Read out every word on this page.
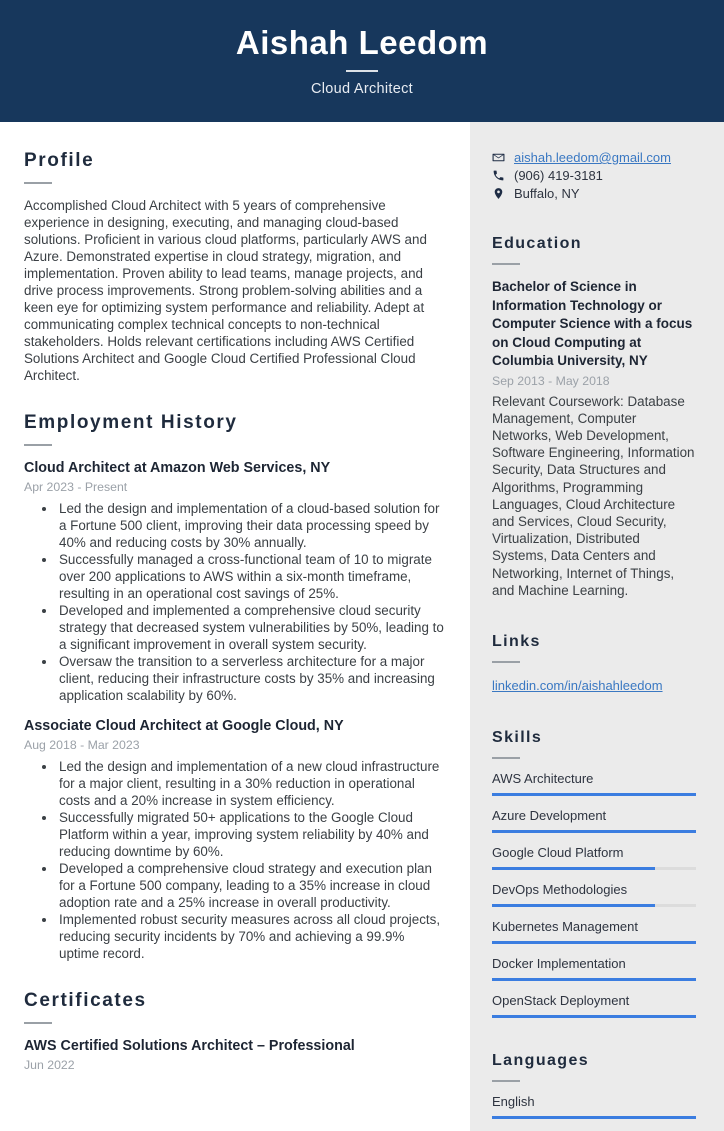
Aishah Leedom
Cloud Architect
Profile
Accomplished Cloud Architect with 5 years of comprehensive experience in designing, executing, and managing cloud-based solutions. Proficient in various cloud platforms, particularly AWS and Azure. Demonstrated expertise in cloud strategy, migration, and implementation. Proven ability to lead teams, manage projects, and drive process improvements. Strong problem-solving abilities and a keen eye for optimizing system performance and reliability. Adept at communicating complex technical concepts to non-technical stakeholders. Holds relevant certifications including AWS Certified Solutions Architect and Google Cloud Certified Professional Cloud Architect.
Employment History
Cloud Architect at Amazon Web Services, NY
Apr 2023 - Present
• Led the design and implementation of a cloud-based solution for a Fortune 500 client, improving their data processing speed by 40% and reducing costs by 30% annually.
• Successfully managed a cross-functional team of 10 to migrate over 200 applications to AWS within a six-month timeframe, resulting in an operational cost savings of 25%.
• Developed and implemented a comprehensive cloud security strategy that decreased system vulnerabilities by 50%, leading to a significant improvement in overall system security.
• Oversaw the transition to a serverless architecture for a major client, reducing their infrastructure costs by 35% and increasing application scalability by 60%.
Associate Cloud Architect at Google Cloud, NY
Aug 2018 - Mar 2023
• Led the design and implementation of a new cloud infrastructure for a major client, resulting in a 30% reduction in operational costs and a 20% increase in system efficiency.
• Successfully migrated 50+ applications to the Google Cloud Platform within a year, improving system reliability by 40% and reducing downtime by 60%.
• Developed a comprehensive cloud strategy and execution plan for a Fortune 500 company, leading to a 35% increase in cloud adoption rate and a 25% increase in overall productivity.
• Implemented robust security measures across all cloud projects, reducing security incidents by 70% and achieving a 99.9% uptime record.
Certificates
AWS Certified Solutions Architect – Professional
Jun 2022
aishah.leedom@gmail.com
(906) 419-3181
Buffalo, NY
Education
Bachelor of Science in Information Technology or Computer Science with a focus on Cloud Computing at Columbia University, NY
Sep 2013 - May 2018
Relevant Coursework: Database Management, Computer Networks, Web Development, Software Engineering, Information Security, Data Structures and Algorithms, Programming Languages, Cloud Architecture and Services, Cloud Security, Virtualization, Distributed Systems, Data Centers and Networking, Internet of Things, and Machine Learning.
Links
linkedin.com/in/aishahleedom
Skills
AWS Architecture
Azure Development
Google Cloud Platform
DevOps Methodologies
Kubernetes Management
Docker Implementation
OpenStack Deployment
Languages
English
